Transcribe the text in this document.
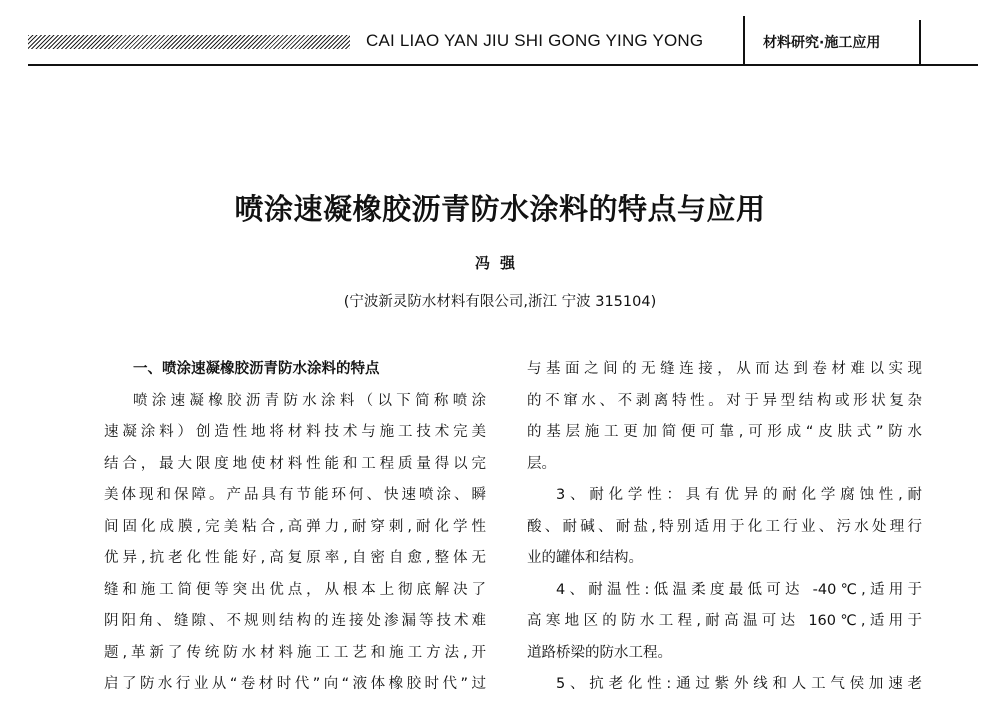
CAI LIAO YAN JIU SHI GONG YING YONG	材料研究·施工应用
喷涂速凝橡胶沥青防水涂料的特点与应用
冯强
(宁波新灵防水材料有限公司,浙江 宁波 315104)
一、喷涂速凝橡胶沥青防水涂料的特点
喷涂速凝橡胶沥青防水涂料（以下简称喷涂
速凝涂料）创造性地将材料技术与施工技术完美
结合，最大限度地使材料性能和工程质量得以完
美体现和保障。产品具有节能环何、快速喷涂、瞬
间固化成膜,完美粘合,高弹力,耐穿刺,耐化学性
优异,抗老化性能好,高复原率,自密自愈,整体无
缝和施工简便等突出优点，从根本上彻底解决了
阴阳角、缝隙、不规则结构的连接处渗漏等技术难
题,革新了传统防水材料施工工艺和施工方法,开
启了防水行业从“卷材时代”向“液体橡胶时代”过
与基面之间的无缝连接，从而达到卷材难以实现
的不窜水、不剥离特性。对于异型结构或形状复杂
的基层施工更加简便可靠,可形成“皮肤式”防水
层。
3、耐化学性：具有优异的耐化学腐蚀性,耐
酸、耐碱、耐盐,特别适用于化工行业、污水处理行
业的罐体和结构。
4、耐温性:低温柔度最低可达 -40℃,适用于
高寒地区的防水工程,耐高温可达 160℃,适用于
道路桥梁的防水工程。
5、抗老化性:通过紫外线和人工气侯加速老
